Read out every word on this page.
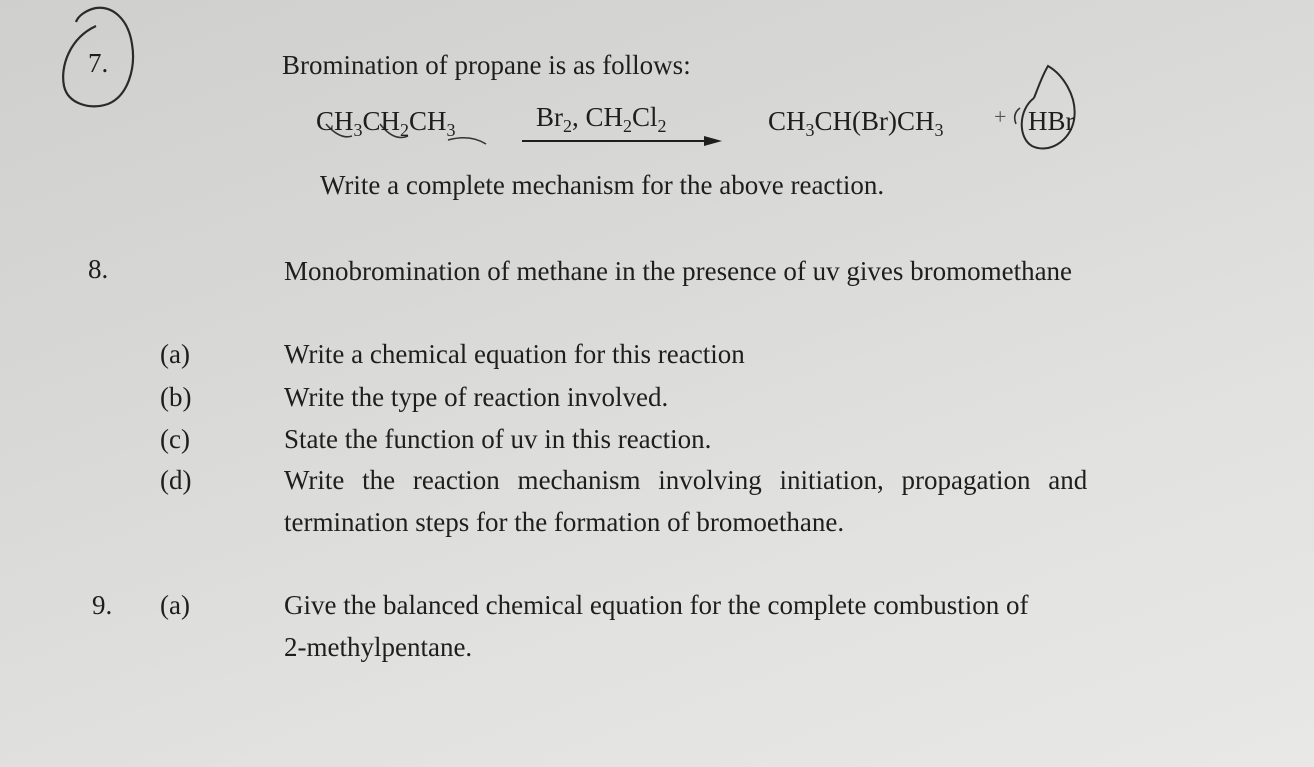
7.	Bromination of propane is as follows:
$CH_3CH_2CH_3$	$Br_2$, $CH_2Cl_2$	$CH_3CH(Br)CH_3$
+ HBr
Write a complete mechanism for the above reaction.
8.	Monobromination of methane in the presence of uv gives bromomethane
(a)	Write a chemical equation for this reaction
(b)	Write the type of reaction involved.
(c)	State the function of uv in this reaction.
(d)	Write the reaction mechanism involving initiation, propagation and
termination steps for the formation of bromoethane.
9. (a)	Give the balanced chemical equation for the complete combustion of
2-methylpentane.
